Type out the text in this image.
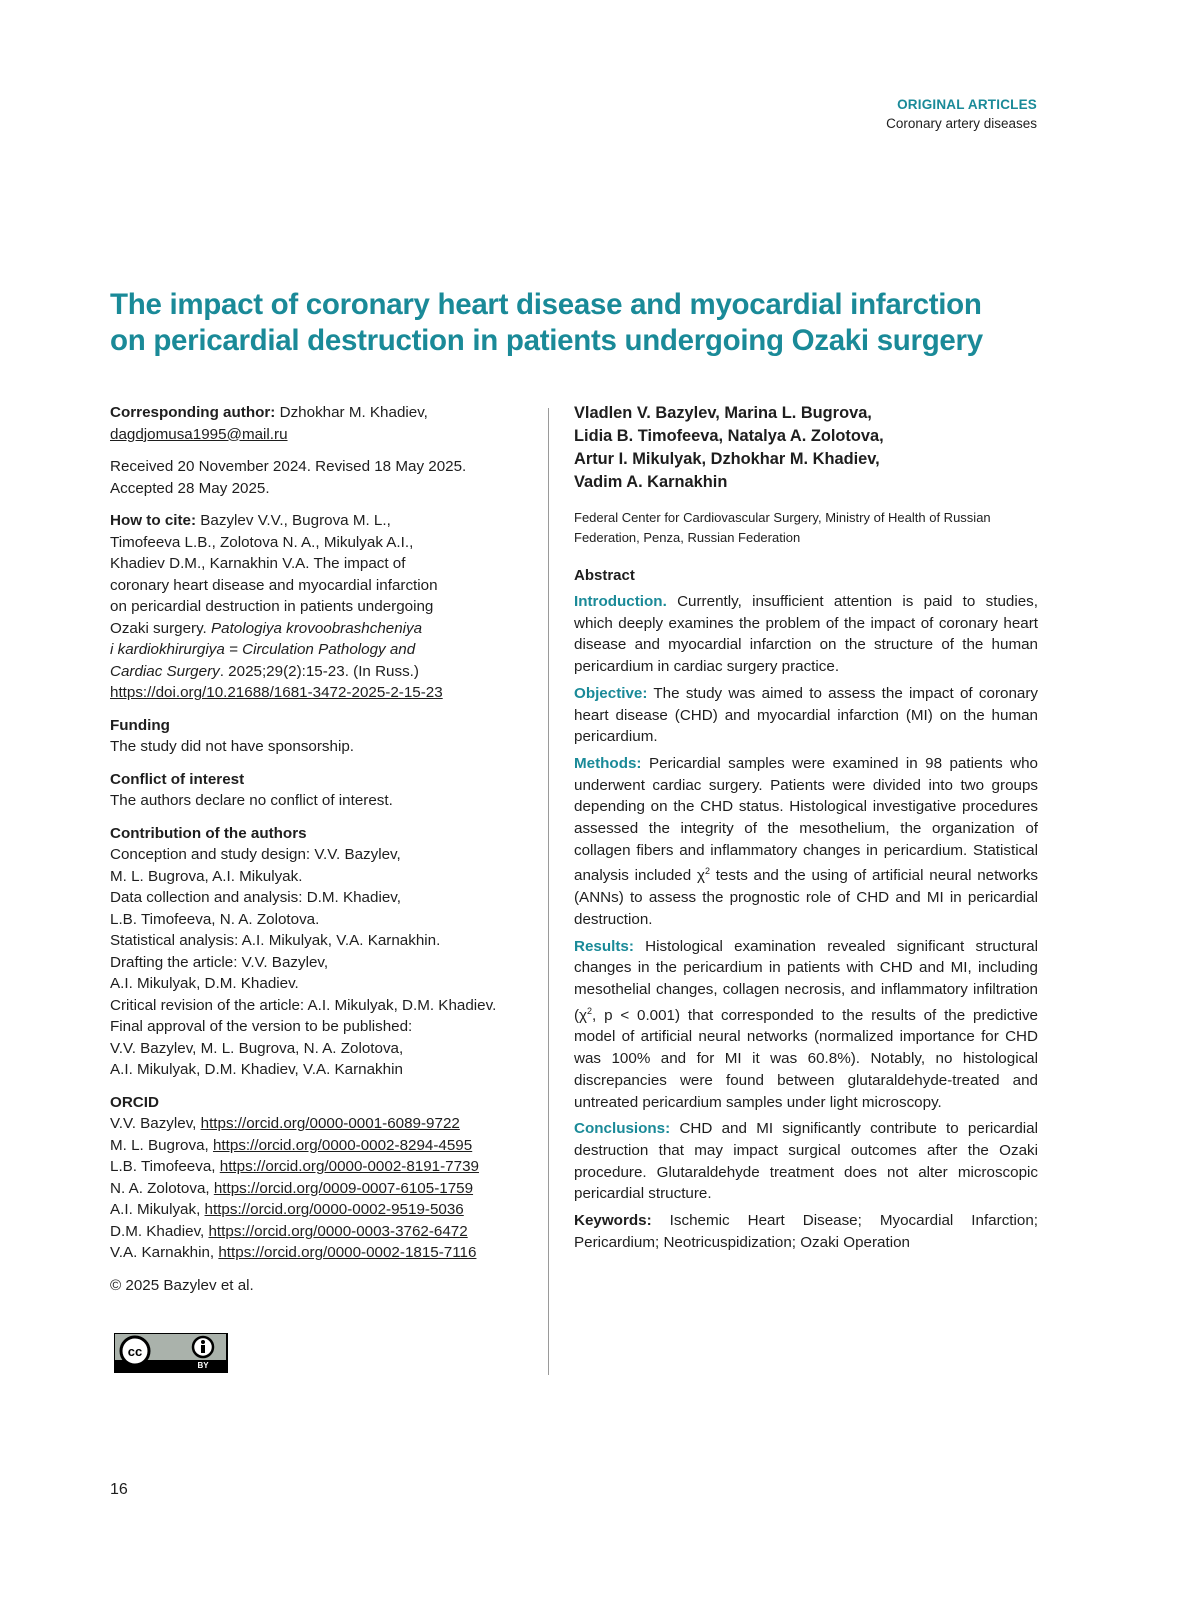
ORIGINAL ARTICLES
Coronary artery diseases
The impact of coronary heart disease and myocardial infarction
on pericardial destruction in patients undergoing Ozaki surgery
Corresponding author: Dzhokhar M. Khadiev,
dagdjomusa1995@mail.ru
Received 20 November 2024. Revised 18 May 2025.
Accepted 28 May 2025.
How to cite: Bazylev V.V., Bugrova M. L.,
Timofeeva L.B., Zolotova N. A., Mikulyak A.I.,
Khadiev D.M., Karnakhin V.A. The impact of
coronary heart disease and myocardial infarction
on pericardial destruction in patients undergoing
Ozaki surgery. Patologiya krovoobrashcheniya
i kardiokhirurgiya = Circulation Pathology and
Cardiac Surgery. 2025;29(2):15-23. (In Russ.)
https://doi.org/10.21688/1681-3472-2025-2-15-23
Funding
The study did not have sponsorship.
Conflict of interest
The authors declare no conflict of interest.
Contribution of the authors
Conception and study design: V.V. Bazylev,
M. L. Bugrova, A.I. Mikulyak.
Data collection and analysis: D.M. Khadiev,
L.B. Timofeeva, N. A. Zolotova.
Statistical analysis: A.I. Mikulyak, V.A. Karnakhin.
Drafting the article: V.V. Bazylev,
A.I. Mikulyak, D.M. Khadiev.
Critical revision of the article: A.I. Mikulyak, D.M. Khadiev.
Final approval of the version to be published:
V.V. Bazylev, M. L. Bugrova, N. A. Zolotova,
A.I. Mikulyak, D.M. Khadiev, V.A. Karnakhin
ORCID
V.V. Bazylev, https://orcid.org/0000-0001-6089-9722
M. L. Bugrova, https://orcid.org/0000-0002-8294-4595
L.B. Timofeeva, https://orcid.org/0000-0002-8191-7739
N. A. Zolotova, https://orcid.org/0009-0007-6105-1759
A.I. Mikulyak, https://orcid.org/0000-0002-9519-5036
D.M. Khadiev, https://orcid.org/0000-0003-3762-6472
V.A. Karnakhin, https://orcid.org/0000-0002-1815-7116
© 2025 Bazylev et al.
cc
BY
Vladlen V. Bazylev, Marina L. Bugrova,
Lidia B. Timofeeva, Natalya A. Zolotova,
Artur I. Mikulyak, Dzhokhar M. Khadiev,
Vadim A. Karnakhin
Federal Center for Cardiovascular Surgery, Ministry of Health of Russian
Federation, Penza, Russian Federation
Abstract
Introduction. Currently, insufficient attention is paid to studies, which deeply examines the problem of the impact of coronary heart disease and myocardial infarction on the structure of the human pericardium in cardiac surgery practice.
Objective: The study was aimed to assess the impact of coronary heart disease (CHD) and myocardial infarction (MI) on the human pericardium.
Methods: Pericardial samples were examined in 98 patients who underwent cardiac surgery. Patients were divided into two groups depending on the CHD status. Histological investigative procedures assessed the integrity of the mesothelium, the organization of collagen fibers and inflammatory changes in pericardium. Statistical analysis included $\chi^2$ tests and the using of artificial neural networks (ANNs) to assess the prognostic role of CHD and MI in pericardial destruction.
Results: Histological examination revealed significant structural changes in the pericardium in patients with CHD and MI, including mesothelial changes, collagen necrosis, and inflammatory infiltration ($\chi^2$, p < 0.001) that corresponded to the results of the predictive model of artificial neural networks (normalized importance for CHD was 100% and for MI it was 60.8%). Notably, no histological discrepancies were found between glutaraldehyde-treated and untreated pericardium samples under light microscopy.
Conclusions: CHD and MI significantly contribute to pericardial destruction that may impact surgical outcomes after the Ozaki procedure. Glutaraldehyde treatment does not alter microscopic pericardial structure.
Keywords: Ischemic Heart Disease; Myocardial Infarction; Pericardium; Neotricuspidization; Ozaki Operation
16
